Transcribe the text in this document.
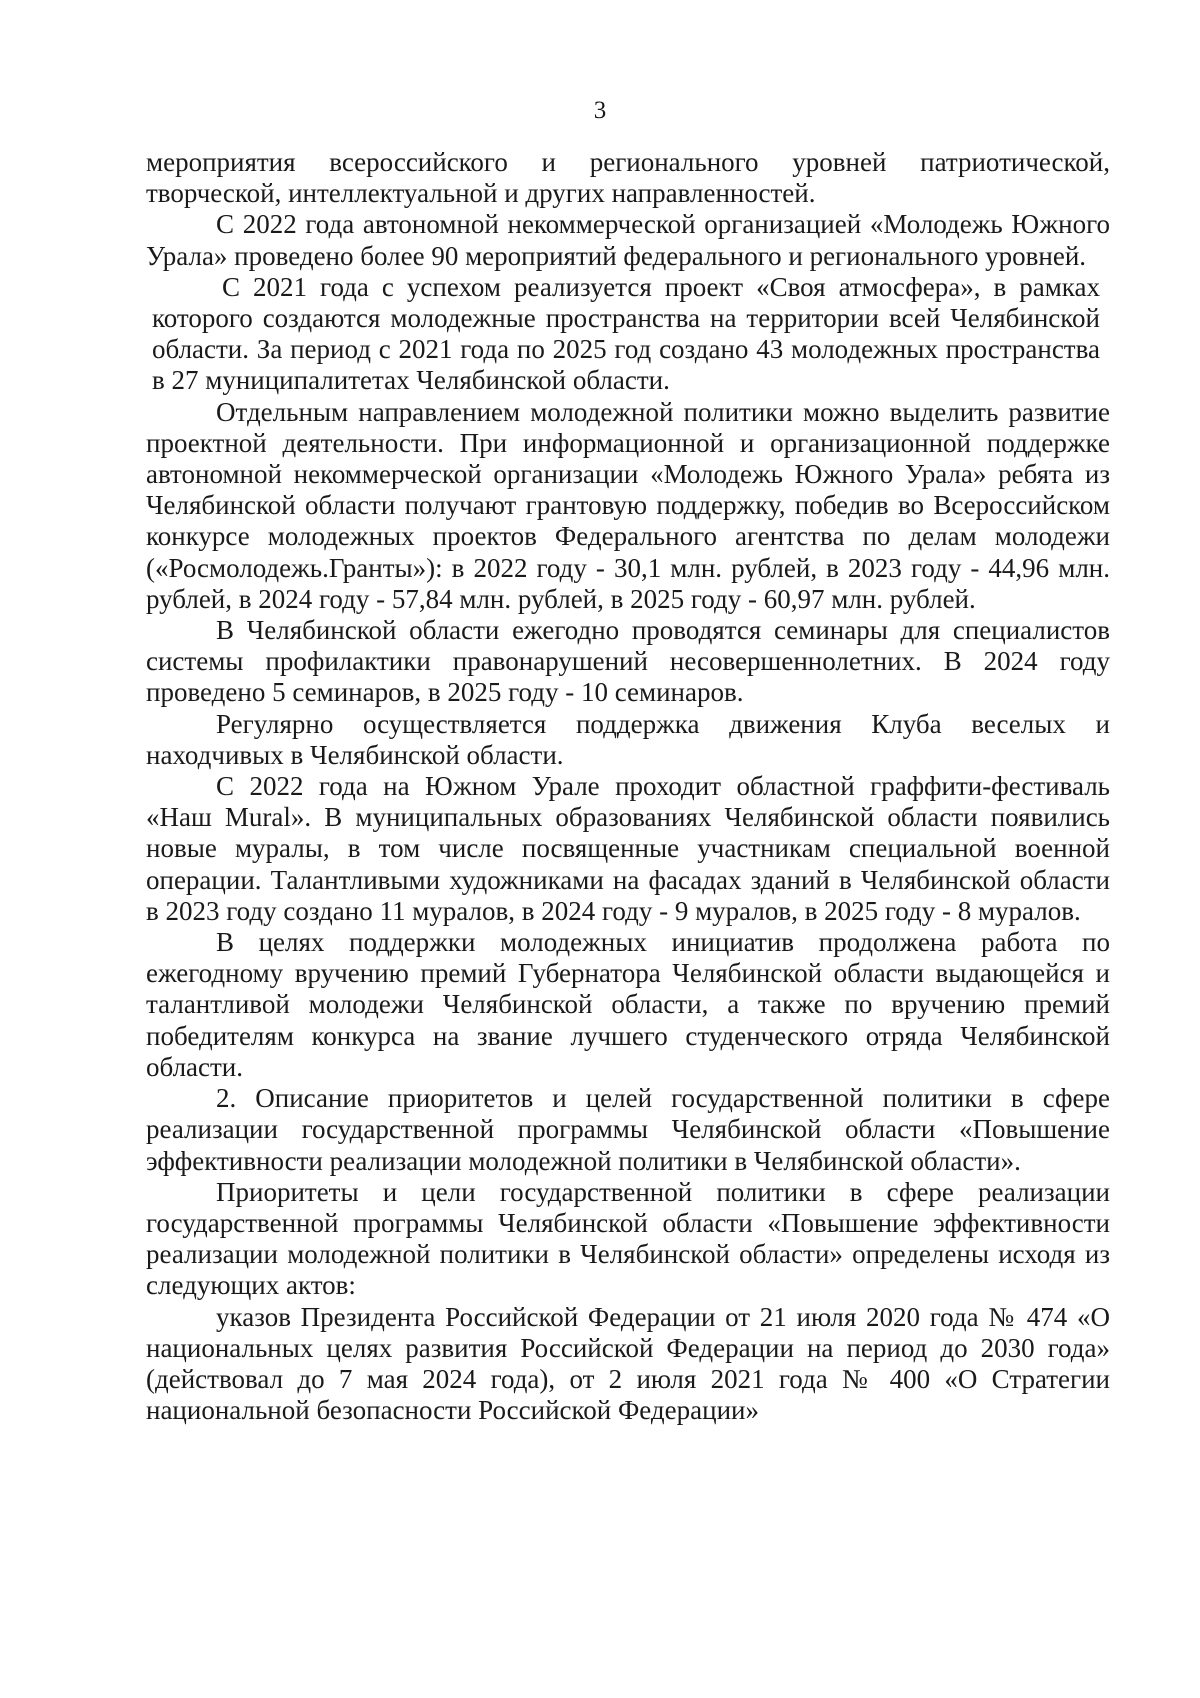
3

мероприятия всероссийского и регионального уровней патриотической, творческой, интеллектуальной и других направленностей.

С 2022 года автономной некоммерческой организацией «Молодежь Южного Урала» проведено более 90 мероприятий федерального и регионального уровней.

С 2021 года с успехом реализуется проект «Своя атмосфера», в рамках которого создаются молодежные пространства на территории всей Челябинской области. За период с 2021 года по 2025 год создано 43 молодежных пространства в 27 муниципалитетах Челябинской области.

Отдельным направлением молодежной политики можно выделить развитие проектной деятельности. При информационной и организационной поддержке автономной некоммерческой организации «Молодежь Южного Урала» ребята из Челябинской области получают грантовую поддержку, победив во Всероссийском конкурсе молодежных проектов Федерального агентства по делам молодежи («Росмолодежь.Гранты»): в 2022 году - 30,1 млн. рублей, в 2023 году - 44,96 млн. рублей, в 2024 году - 57,84 млн. рублей, в 2025 году - 60,97 млн. рублей.

В Челябинской области ежегодно проводятся семинары для специалистов системы профилактики правонарушений несовершеннолетних. В 2024 году проведено 5 семинаров, в 2025 году - 10 семинаров.

Регулярно осуществляется поддержка движения Клуба веселых и находчивых в Челябинской области.

С 2022 года на Южном Урале проходит областной граффити-фестиваль «Наш Mural». В муниципальных образованиях Челябинской области появились новые муралы, в том числе посвященные участникам специальной военной операции. Талантливыми художниками на фасадах зданий в Челябинской области в 2023 году создано 11 муралов, в 2024 году - 9 муралов, в 2025 году - 8 муралов.

В целях поддержки молодежных инициатив продолжена работа по ежегодному вручению премий Губернатора Челябинской области выдающейся и талантливой молодежи Челябинской области, а также по вручению премий победителям конкурса на звание лучшего студенческого отряда Челябинской области.

2. Описание приоритетов и целей государственной политики в сфере реализации государственной программы Челябинской области «Повышение эффективности реализации молодежной политики в Челябинской области».

Приоритеты и цели государственной политики в сфере реализации государственной программы Челябинской области «Повышение эффективности реализации молодежной политики в Челябинской области» определены исходя из следующих актов:

указов Президента Российской Федерации от 21 июля 2020 года № 474 «О национальных целях развития Российской Федерации на период до 2030 года» (действовал до 7 мая 2024 года), от 2 июля 2021 года № 400 «О Стратегии национальной безопасности Российской Федерации»
